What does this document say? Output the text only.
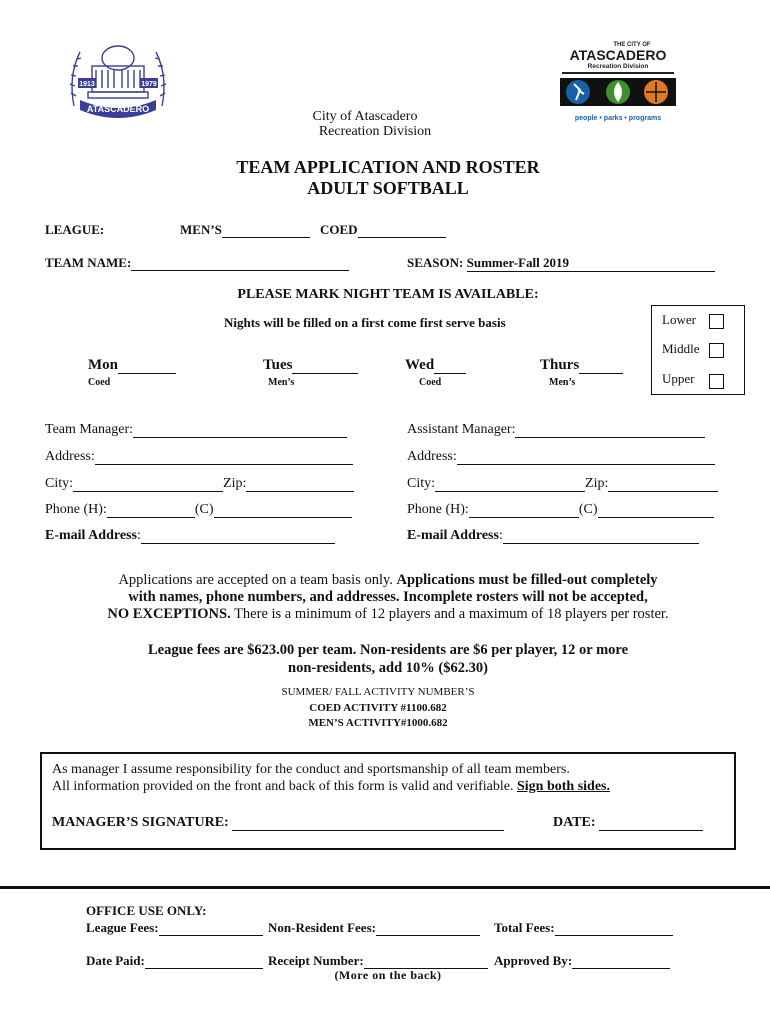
1913	1979
ATASCADERO
THE CITY OF
ATASCADERO
Recreation Division
people • parks • programs
City of Atascadero
Recreation Division
TEAM APPLICATION AND ROSTER
ADULT SOFTBALL
LEAGUE:	MEN’S	COED
TEAM NAME:	SEASON: Summer-Fall 2019
PLEASE MARK NIGHT TEAM IS AVAILABLE:
Nights will be filled on a first come first serve basis
Mon
Coed
Tues
Men’s
Wed
Coed
Thurs
Men’s
Lower
Middle
Upper
Team Manager:
Address:
City:	Zip:
Phone (H):	(C)
E-mail Address:
Assistant Manager:
Address:
City:	Zip:
Phone (H):	(C)
E-mail Address:
Applications are accepted on a team basis only. Applications must be filled-out completely
with names, phone numbers, and addresses. Incomplete rosters will not be accepted,
NO EXCEPTIONS. There is a minimum of 12 players and a maximum of 18 players per roster.
League fees are $623.00 per team. Non-residents are $6 per player, 12 or more
non-residents, add 10% ($62.30)
SUMMER/ FALL ACTIVITY NUMBER’S
COED ACTIVITY #1100.682
MEN’S ACTIVITY#1000.682
As manager I assume responsibility for the conduct and sportsmanship of all team members.
All information provided on the front and back of this form is valid and verifiable. Sign both sides.
MANAGER’S SIGNATURE:	DATE:
OFFICE USE ONLY:
League Fees:	Non-Resident Fees:	Total Fees:
Date Paid:	Receipt Number:	Approved By:
(More on the back)
